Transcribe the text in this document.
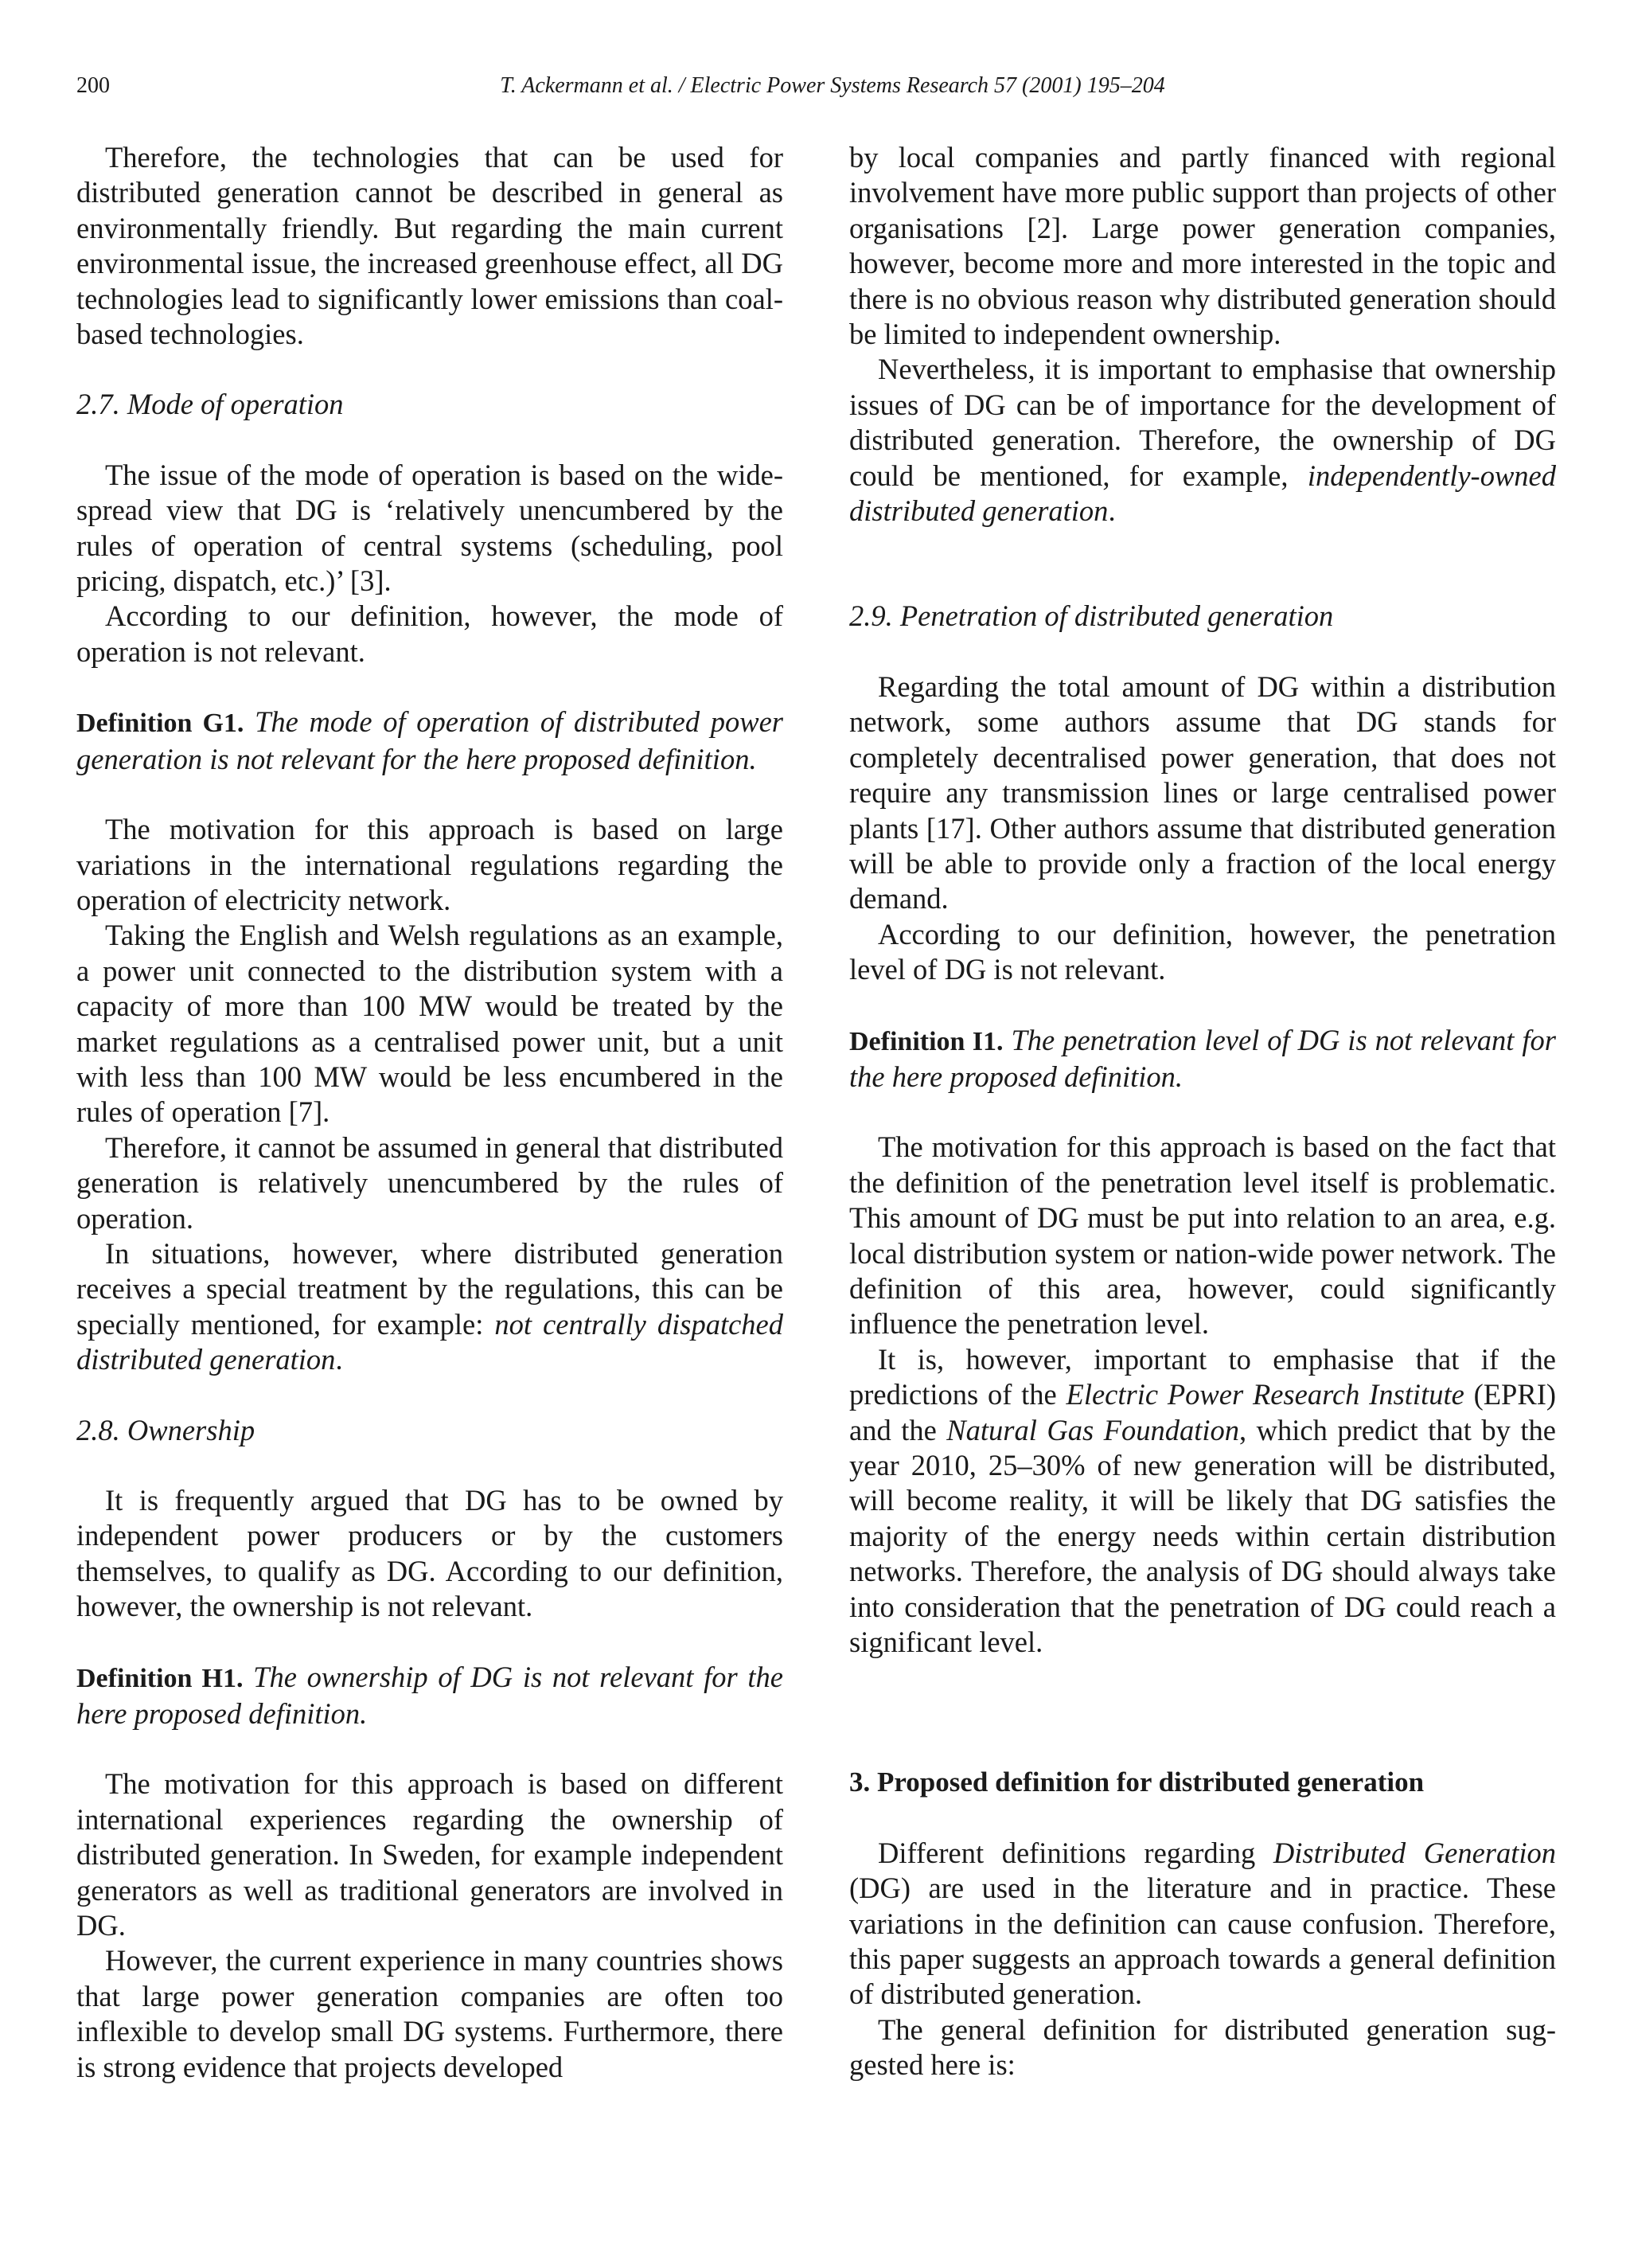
200	T. Ackermann et al. / Electric Power Systems Research 57 (2001) 195–204

Therefore, the technologies that can be used for distributed generation cannot be described in general as environmentally friendly. But regarding the main current environmental issue, the increased greenhouse effect, all DG technologies lead to significantly lower emissions than coal-based technologies.

2.7. Mode of operation

The issue of the mode of operation is based on the wide-spread view that DG is ‘relatively unencumbered by the rules of operation of central systems (scheduling, pool pricing, dispatch, etc.)’ [3].

According to our definition, however, the mode of operation is not relevant.

Definition G1. The mode of operation of distributed power generation is not relevant for the here proposed definition.

The motivation for this approach is based on large variations in the international regulations regarding the operation of electricity network.

Taking the English and Welsh regulations as an example, a power unit connected to the distribution system with a capacity of more than 100 MW would be treated by the market regulations as a centralised power unit, but a unit with less than 100 MW would be less encumbered in the rules of operation [7].

Therefore, it cannot be assumed in general that distributed generation is relatively unencumbered by the rules of operation.

In situations, however, where distributed generation receives a special treatment by the regulations, this can be specially mentioned, for example: not centrally dispatched distributed generation.

2.8. Ownership

It is frequently argued that DG has to be owned by independent power producers or by the customers themselves, to qualify as DG. According to our definition, however, the ownership is not relevant.

Definition H1. The ownership of DG is not relevant for the here proposed definition.

The motivation for this approach is based on different international experiences regarding the ownership of distributed generation. In Sweden, for example independent generators as well as traditional generators are involved in DG.

However, the current experience in many countries shows that large power generation companies are often too inflexible to develop small DG systems. Furthermore, there is strong evidence that projects developed

by local companies and partly financed with regional involvement have more public support than projects of other organisations [2]. Large power generation companies, however, become more and more interested in the topic and there is no obvious reason why distributed generation should be limited to independent ownership.

Nevertheless, it is important to emphasise that ownership issues of DG can be of importance for the development of distributed generation. Therefore, the ownership of DG could be mentioned, for example, independently-owned distributed generation.

2.9. Penetration of distributed generation

Regarding the total amount of DG within a distribution network, some authors assume that DG stands for completely decentralised power generation, that does not require any transmission lines or large centralised power plants [17]. Other authors assume that distributed generation will be able to provide only a fraction of the local energy demand.

According to our definition, however, the penetration level of DG is not relevant.

Definition I1. The penetration level of DG is not relevant for the here proposed definition.

The motivation for this approach is based on the fact that the definition of the penetration level itself is problematic. This amount of DG must be put into relation to an area, e.g. local distribution system or nation-wide power network. The definition of this area, however, could significantly influence the penetration level.

It is, however, important to emphasise that if the predictions of the Electric Power Research Institute (EPRI) and the Natural Gas Foundation, which predict that by the year 2010, 25–30% of new generation will be distributed, will become reality, it will be likely that DG satisfies the majority of the energy needs within certain distribution networks. Therefore, the analysis of DG should always take into consideration that the penetration of DG could reach a significant level.

3. Proposed definition for distributed generation

Different definitions regarding Distributed Generation (DG) are used in the literature and in practice. These variations in the definition can cause confusion. Therefore, this paper suggests an approach towards a general definition of distributed generation.

The general definition for distributed generation suggested here is:
